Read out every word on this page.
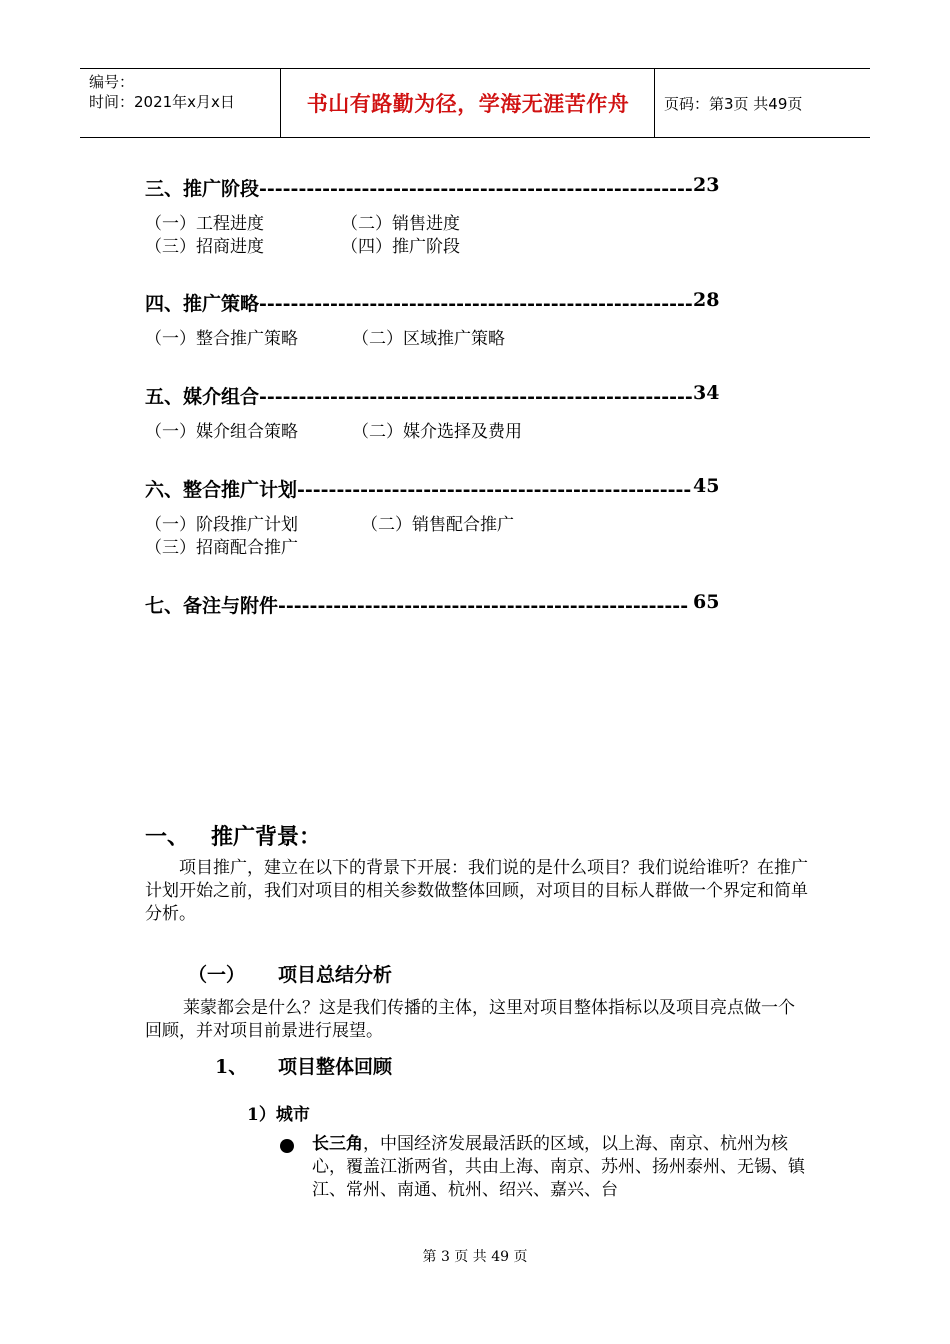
编号：
时间：2021年x月x日	书山有路勤为径，学海无涯苦作舟	页码：第3页 共49页
三、推广阶段------------------------------------------------------- 23
（一）工程进度	（二）销售进度
（三）招商进度	（四）推广阶段
四、推广策略------------------------------------------------------- 28
（一）整合推广策略	（二）区域推广策略
五、媒介组合------------------------------------------------------- 34
（一）媒介组合策略	（二）媒介选择及费用
六、整合推广计划-------------------------------------------------- 45
（一）阶段推广计划	（二）销售配合推广
（三）招商配合推广
七、备注与附件---------------------------------------------------- 65
一、 推广背景：
项目推广，建立在以下的背景下开展：我们说的是什么项目？我们说给谁听？在推广计划开始之前，我们对项目的相关参数做整体回顾，对项目的目标人群做一个界定和简单分析。
（一） 项目总结分析
莱蒙都会是什么？这是我们传播的主体，这里对项目整体指标以及项目亮点做一个回顾，并对项目前景进行展望。
1、 项目整体回顾
1）城市
长三角，中国经济发展最活跃的区域，以上海、南京、杭州为核心，覆盖江浙两省，共由上海、南京、苏州、扬州泰州、无锡、镇江、常州、南通、杭州、绍兴、嘉兴、台
第 3 页 共 49 页
